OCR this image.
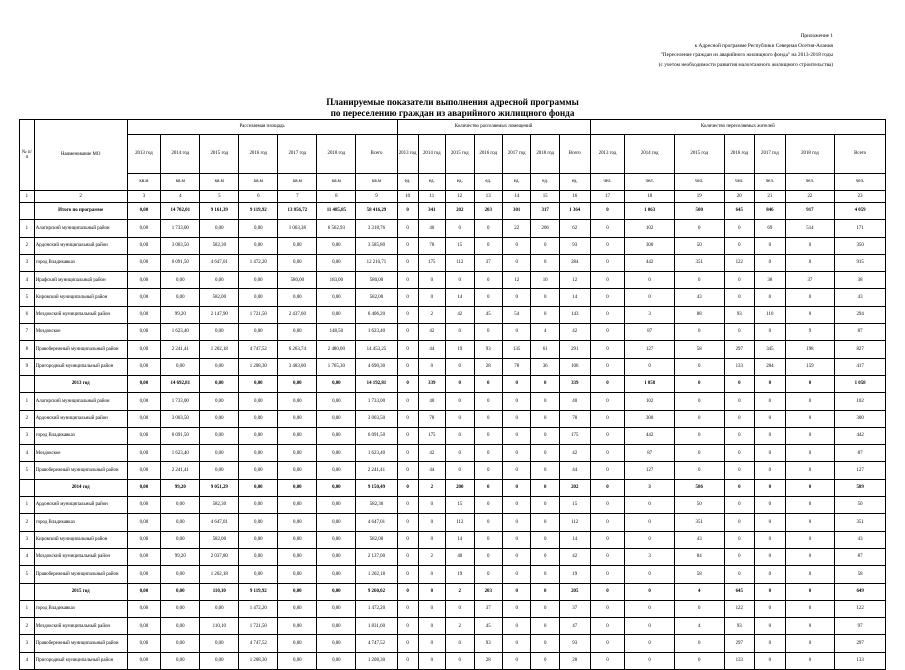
Приложение 1
к Адресной программе Республики Северная Осетия-Алания
"Переселение граждан из аварийного жилищного фонда" на 2013-2018 годы
(с учетом необходимости развития малоэтажного жилищного строительства)
Планируемые показатели выполнения адресной программы
по переселению граждан из аварийного жилищного фонда
№ п/п	Наименование МО	Расселяемая площадь							Количество расселяемых помещений							Количество переселяемых жителей						
		2013 год	2014 год	2015 год	2016 год	2017 год	2018 год	Всего	2013 год	2014 год	2015 год	2016 год	2017 год	2018 год	Всего	2013 год	2014 год	2015 год	2016 год	2017 год	2018 год	Всего
		кв.м	кв.м	кв.м	кв.м	кв.м	кв.м	кв.м	ед.	ед.	ед.	ед.	ед.	ед.	ед.	чел.	чел.	чел.	чел.	чел.	чел.	чел.
1	2	3	4	5	6	7	8	9	10	11	12	13	14	15	16	17	18	19	20	21	22	23
	Итого по программе	0,00	14 702,01	9 161,39	9 119,92	13 856,72	11 485,85	58 416,29	0	341	202	203	301	317	1 364	0	1 063	500	645	846	917	4 059
1	Алагирский муниципальный район	0,00	1 733,00	0,00	0,00	1 063,38	6 562,93	3 318,76	0	40	0	0	22	206	62	0	102	0	0	69	514	171
2	Ардонский муниципальный район	0,00	3 003,50	582,30	0,00	0,00	0,00	3 585,80	0	78	15	0	0	0	93	0	300	50	0	0	0	350
3	город Владикавказ	0,00	6 091,50	4 647,01	1 472,20	0,00	0,00	12 210,71	0	175	112	37	0	0	284	0	442	351	122	0	0	915
4	Ирафский муниципальный район	0,00	0,00	0,00	0,00	580,00	183,00	580,00	0	0	0	0	12	10	12	0	0	0	0	38	37	38
5	Кировский муниципальный район	0,00	0,00	582,00	0,00	0,00	0,00	582,00	0	0	14	0	0	0	14	0	0	43	0	0	0	43
6	Моздокский муниципальный район	0,00	99,20	2 147,90	1 721,50	2 437,60	0,00	6 406,20	0	2	42	45	54	0	143	0	3	88	93	110	0	294
7	Моздокское	0,00	1 623,40	0,00	0,00	0,00	148,50	1 623,40	0	42	0	0	0	4	42	0	87	0	0	0	9	87
8	Правобережный муниципальный район	0,00	2 241,41	1 202,18	4 747,52	6 263,74	2 480,00	14 453,25	0	44	19	93	135	61	291	0	127	58	297	345	198	827
9	Пригородный муниципальный район	0,00	0,00	0,00	1 208,30	3 483,00	1 765,30	4 690,30	0	0	0	28	78	36	106	0	0	0	133	284	159	417
	2013 год	0,00	14 692,81	0,00	0,00	0,00	0,00	14 192,81	0	339	0	0	0	0	339	0	1 058	0	0	0	0	1 058
1	Алагирский муниципальный район	0,00	1 733,00	0,00	0,00	0,00	0,00	1 733,00	0	40	0	0	0	0	40	0	102	0	0	0	0	102
2	Ардонский муниципальный район	0,00	3 003,50	0,00	0,00	0,00	0,00	3 003,50	0	78	0	0	0	0	78	0	300	0	0	0	0	300
3	город Владикавказ	0,00	6 091,50	0,00	0,00	0,00	0,00	6 091,50	0	175	0	0	0	0	175	0	442	0	0	0	0	442
4	Моздокское	0,00	1 623,40	0,00	0,00	0,00	0,00	1 623,40	0	42	0	0	0	0	42	0	87	0	0	0	0	87
5	Правобережный муниципальный район	0,00	2 241,41	0,00	0,00	0,00	0,00	2 241,41	0	44	0	0	0	0	44	0	127	0	0	0	0	127
	2014 год	0,00	99,20	9 051,29	0,00	0,00	0,00	9 150,49	0	2	200	0	0	0	202	0	3	586	0	0	0	589
1	Ардонский муниципальный район	0,00	0,00	582,30	0,00	0,00	0,00	582,30	0	0	15	0	0	0	15	0	0	50	0	0	0	50
2	город Владикавказ	0,00	0,00	4 647,01	0,00	0,00	0,00	4 647,01	0	0	112	0	0	0	112	0	0	351	0	0	0	351
3	Кировский муниципальный район	0,00	0,00	582,00	0,00	0,00	0,00	582,00	0	0	14	0	0	0	14	0	0	43	0	0	0	43
4	Моздокский муниципальный район	0,00	99,20	2 037,80	0,00	0,00	0,00	2 137,00	0	2	40	0	0	0	42	0	3	84	0	0	0	87
5	Правобережный муниципальный район	0,00	0,00	1 202,18	0,00	0,00	0,00	1 202,18	0	0	19	0	0	0	19	0	0	58	0	0	0	58
	2015 год	0,00	0,00	110,10	9 119,92	0,00	0,00	9 260,02	0	0	2	203	0	0	205	0	0	4	645	0	0	649
1	город Владикавказ	0,00	0,00	0,00	1 472,20	0,00	0,00	1 472,20	0	0	0	37	0	0	37	0	0	0	122	0	0	122
2	Моздокский муниципальный район	0,00	0,00	110,10	1 721,50	0,00	0,00	1 831,60	0	0	2	45	0	0	47	0	0	4	93	0	0	97
3	Правобережный муниципальный район	0,00	0,00	0,00	4 747,52	0,00	0,00	4 747,52	0	0	0	93	0	0	93	0	0	0	297	0	0	297
4	Пригородный муниципальный район	0,00	0,00	0,00	1 208,30	0,00	0,00	1 208,30	0	0	0	28	0	0	28	0	0	0	133	0	0	133
